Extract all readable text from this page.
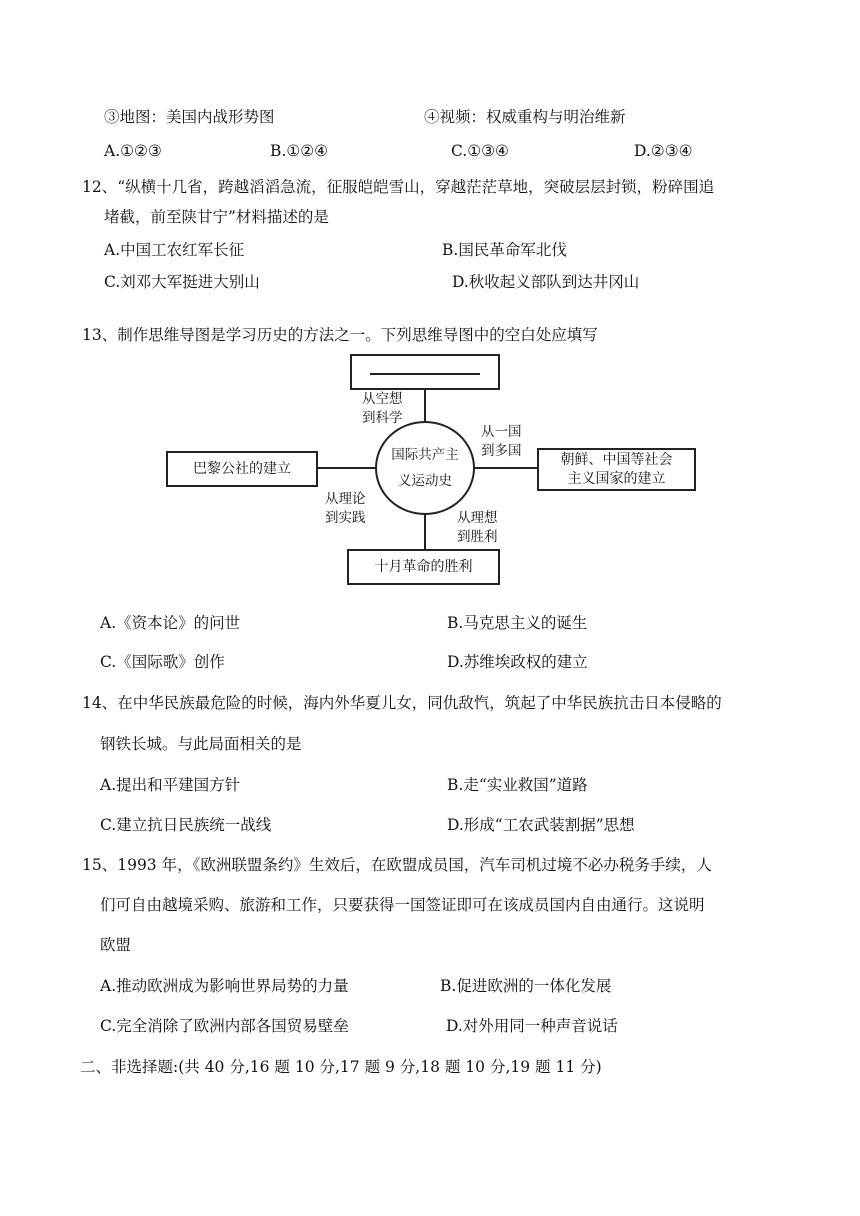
③地图：美国内战形势图	④视频：权威重构与明治维新
A.①②③	B.①②④	C.①③④	D.②③④
12、“纵横十几省，跨越滔滔急流，征服皑皑雪山，穿越茫茫草地，突破层层封锁，粉碎围追
堵截，前至陕甘宁”材料描述的是
A.中国工农红军长征	B.国民革命军北伐
C.刘邓大军挺进大别山	D.秋收起义部队到达井冈山
13、制作思维导图是学习历史的方法之一。下列思维导图中的空白处应填写
国际共产主
义运动史
巴黎公社的建立
朝鲜、中国等社会
主义国家的建立
十月革命的胜利
从空想
到科学
从一国
到多国
从理论
到实践	从理想
到胜利
A.《资本论》的问世	B.马克思主义的诞生
C.《国际歌》创作	D.苏维埃政权的建立
14、在中华民族最危险的时候，海内外华夏儿女，同仇敌忾，筑起了中华民族抗击日本侵略的
钢铁长城。与此局面相关的是
A.提出和平建国方针	B.走“实业救国”道路
C.建立抗日民族统一战线	D.形成“工农武装割据”思想
15、1993 年，《欧洲联盟条约》生效后，在欧盟成员国，汽车司机过境不必办税务手续，人
们可自由越境采购、旅游和工作，只要获得一国签证即可在该成员国内自由通行。这说明
欧盟
A.推动欧洲成为影响世界局势的力量	B.促进欧洲的一体化发展
C.完全消除了欧洲内部各国贸易壁垒	D.对外用同一种声音说话
二、非选择题:(共 40 分,16 题 10 分,17 题 9 分,18 题 10 分,19 题 11 分)
